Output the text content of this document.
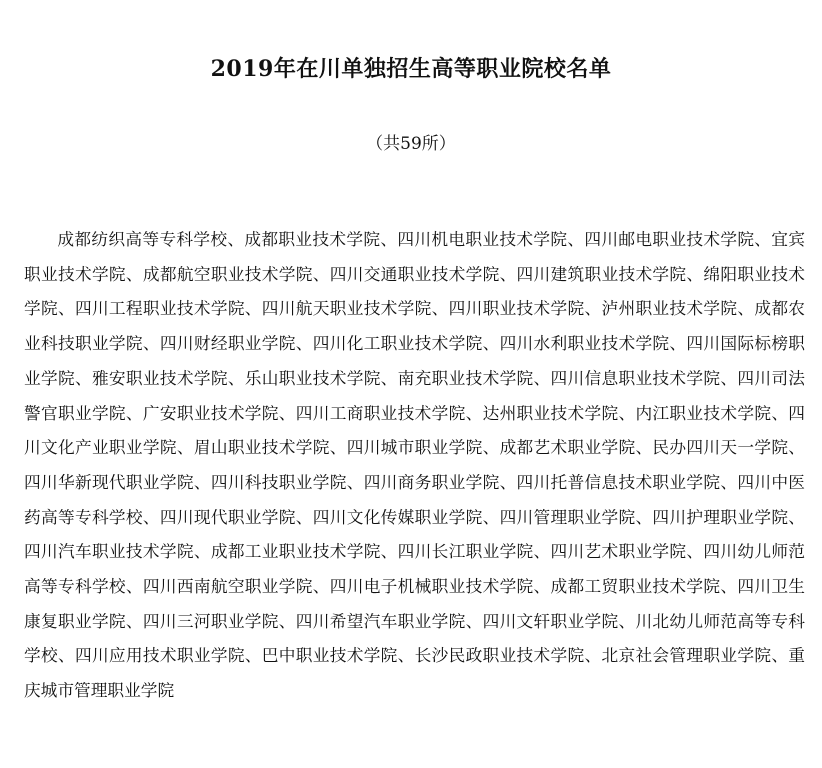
2019年在川单独招生高等职业院校名单
（共59所）

成都纺织高等专科学校、成都职业技术学院、四川机电职业技术学院、四川邮电职业技术学院、宜宾职业技术学院、成都航空职业技术学院、四川交通职业技术学院、四川建筑职业技术学院、绵阳职业技术学院、四川工程职业技术学院、四川航天职业技术学院、四川职业技术学院、泸州职业技术学院、成都农业科技职业学院、四川财经职业学院、四川化工职业技术学院、四川水利职业技术学院、四川国际标榜职业学院、雅安职业技术学院、乐山职业技术学院、南充职业技术学院、四川信息职业技术学院、四川司法警官职业学院、广安职业技术学院、四川工商职业技术学院、达州职业技术学院、内江职业技术学院、四川文化产业职业学院、眉山职业技术学院、四川城市职业学院、成都艺术职业学院、民办四川天一学院、四川华新现代职业学院、四川科技职业学院、四川商务职业学院、四川托普信息技术职业学院、四川中医药高等专科学校、四川现代职业学院、四川文化传媒职业学院、四川管理职业学院、四川护理职业学院、四川汽车职业技术学院、成都工业职业技术学院、四川长江职业学院、四川艺术职业学院、四川幼儿师范高等专科学校、四川西南航空职业学院、四川电子机械职业技术学院、成都工贸职业技术学院、四川卫生康复职业学院、四川三河职业学院、四川希望汽车职业学院、四川文轩职业学院、川北幼儿师范高等专科学校、四川应用技术职业学院、巴中职业技术学院、长沙民政职业技术学院、北京社会管理职业学院、重庆城市管理职业学院
